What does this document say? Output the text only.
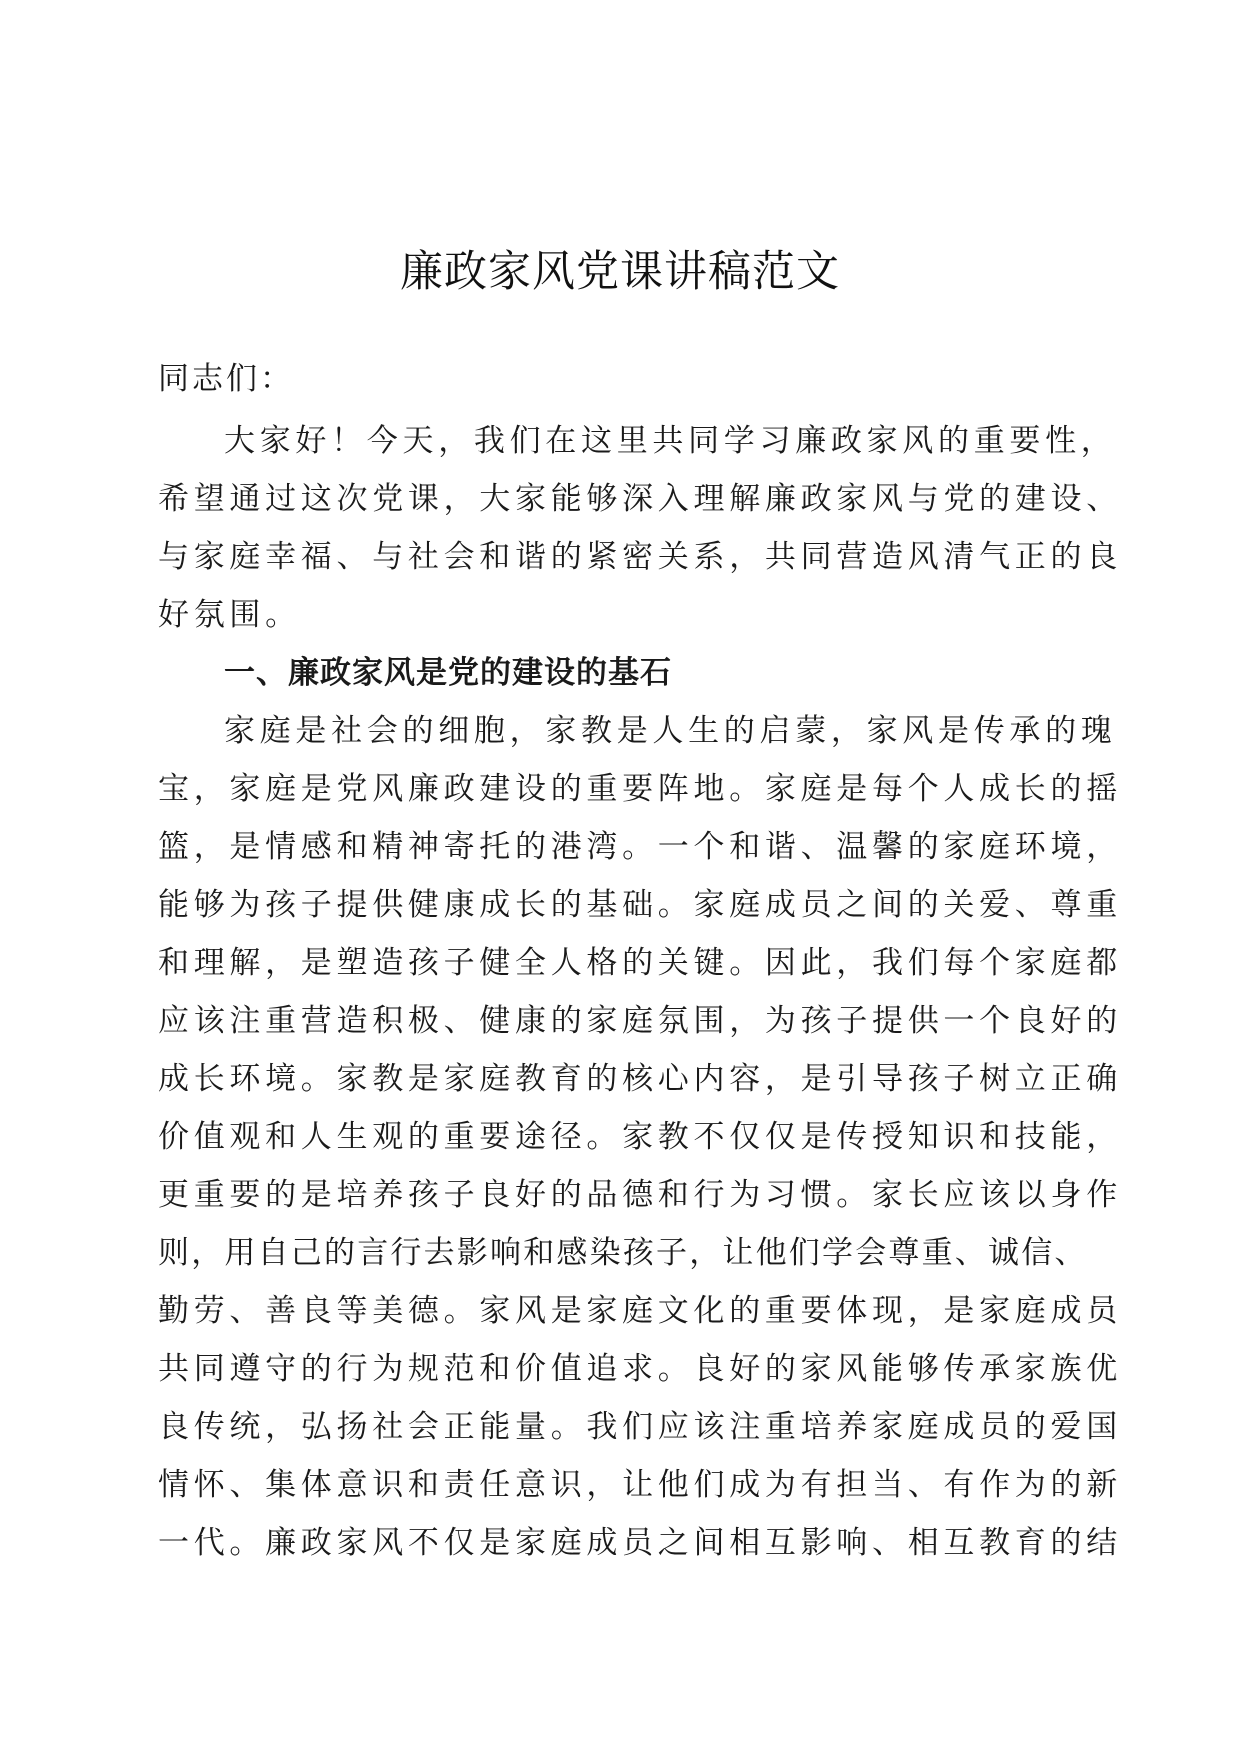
廉政家风党课讲稿范文
同志们：
大家好！今天，我们在这里共同学习廉政家风的重要性，
希望通过这次党课，大家能够深入理解廉政家风与党的建设、
与家庭幸福、与社会和谐的紧密关系，共同营造风清气正的良
好氛围。
一、廉政家风是党的建设的基石
家庭是社会的细胞，家教是人生的启蒙，家风是传承的瑰
宝，家庭是党风廉政建设的重要阵地。家庭是每个人成长的摇
篮，是情感和精神寄托的港湾。一个和谐、温馨的家庭环境，
能够为孩子提供健康成长的基础。家庭成员之间的关爱、尊重
和理解，是塑造孩子健全人格的关键。因此，我们每个家庭都
应该注重营造积极、健康的家庭氛围，为孩子提供一个良好的
成长环境。家教是家庭教育的核心内容，是引导孩子树立正确
价值观和人生观的重要途径。家教不仅仅是传授知识和技能，
更重要的是培养孩子良好的品德和行为习惯。家长应该以身作
则，用自己的言行去影响和感染孩子，让他们学会尊重、诚信、
勤劳、善良等美德。家风是家庭文化的重要体现，是家庭成员
共同遵守的行为规范和价值追求。良好的家风能够传承家族优
良传统，弘扬社会正能量。我们应该注重培养家庭成员的爱国
情怀、集体意识和责任意识，让他们成为有担当、有作为的新
一代。廉政家风不仅是家庭成员之间相互影响、相互教育的结
